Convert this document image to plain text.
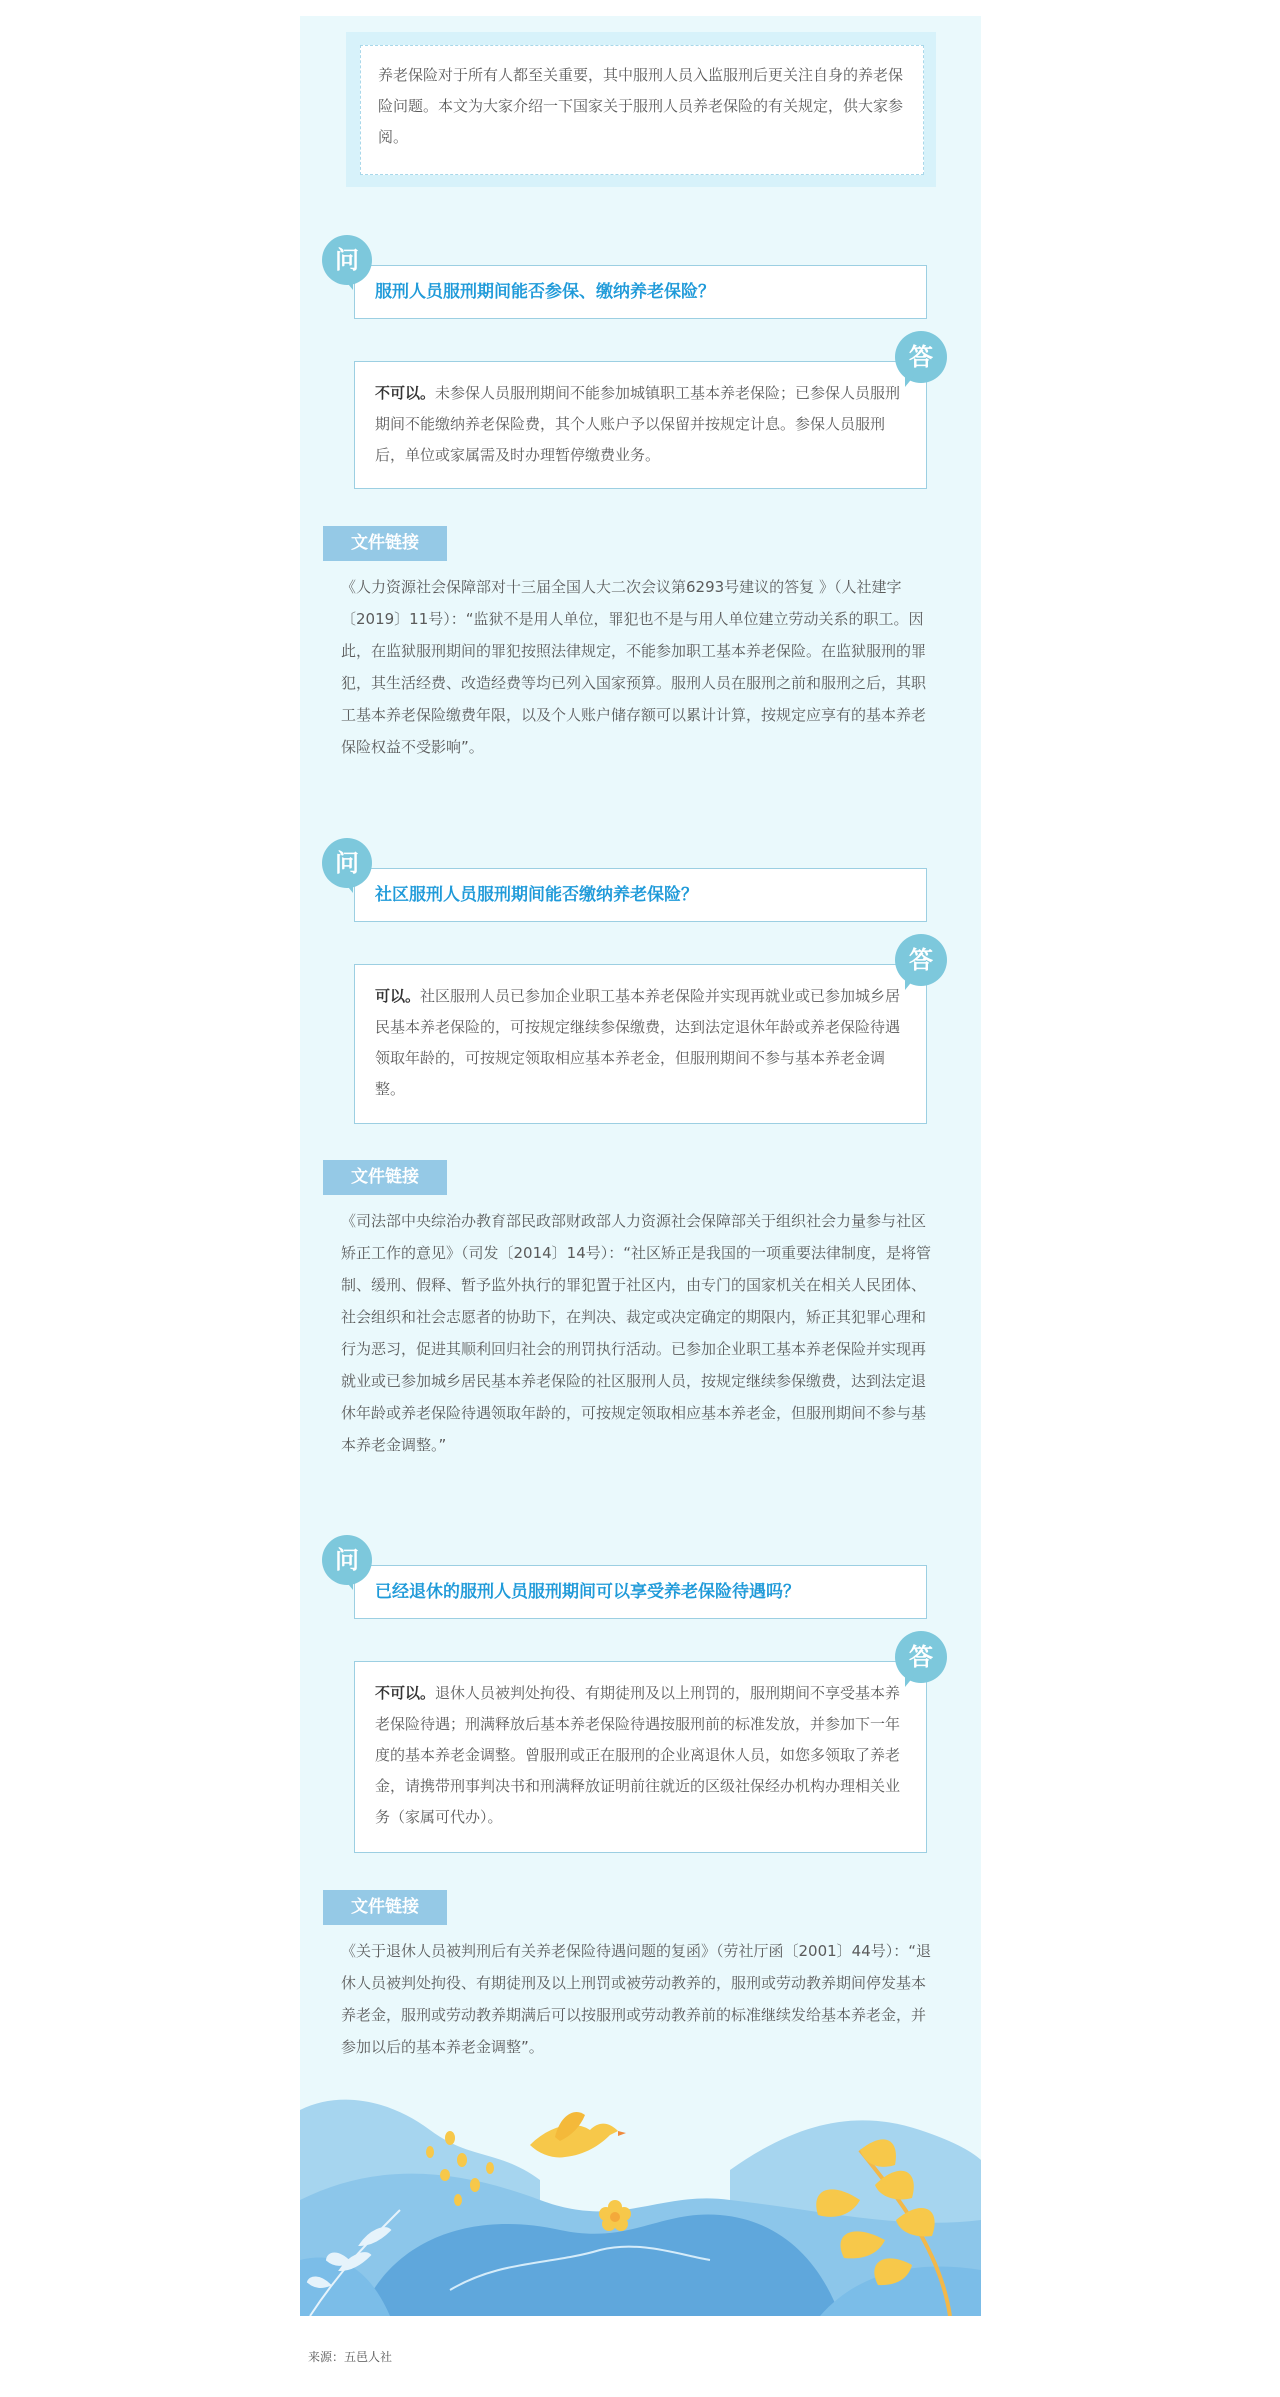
养老保险对于所有人都至关重要，其中服刑人员入监服刑后更关注自身的养老保险问题。本文为大家介绍一下国家关于服刑人员养老保险的有关规定，供大家参阅。
服刑人员服刑期间能否参保、缴纳养老保险？
问
不可以。未参保人员服刑期间不能参加城镇职工基本养老保险；已参保人员服刑期间不能缴纳养老保险费，其个人账户予以保留并按规定计息。参保人员服刑后，单位或家属需及时办理暂停缴费业务。
答
文件链接
《人力资源社会保障部对十三届全国人大二次会议第6293号建议的答复 》（人社建字〔2019〕11号）：“监狱不是用人单位，罪犯也不是与用人单位建立劳动关系的职工。因此，在监狱服刑期间的罪犯按照法律规定，不能参加职工基本养老保险。在监狱服刑的罪犯，其生活经费、改造经费等均已列入国家预算。服刑人员在服刑之前和服刑之后，其职工基本养老保险缴费年限，以及个人账户储存额可以累计计算，按规定应享有的基本养老保险权益不受影响”。
社区服刑人员服刑期间能否缴纳养老保险？
问
可以。社区服刑人员已参加企业职工基本养老保险并实现再就业或已参加城乡居民基本养老保险的，可按规定继续参保缴费，达到法定退休年龄或养老保险待遇领取年龄的，可按规定领取相应基本养老金，但服刑期间不参与基本养老金调整。
答
文件链接
《司法部中央综治办教育部民政部财政部人力资源社会保障部关于组织社会力量参与社区矫正工作的意见》（司发〔2014〕14号）：“社区矫正是我国的一项重要法律制度，是将管制、缓刑、假释、暂予监外执行的罪犯置于社区内，由专门的国家机关在相关人民团体、社会组织和社会志愿者的协助下，在判决、裁定或决定确定的期限内，矫正其犯罪心理和行为恶习，促进其顺利回归社会的刑罚执行活动。已参加企业职工基本养老保险并实现再就业或已参加城乡居民基本养老保险的社区服刑人员，按规定继续参保缴费，达到法定退休年龄或养老保险待遇领取年龄的，可按规定领取相应基本养老金，但服刑期间不参与基本养老金调整。”
已经退休的服刑人员服刑期间可以享受养老保险待遇吗？
问
不可以。退休人员被判处拘役、有期徒刑及以上刑罚的，服刑期间不享受基本养老保险待遇；刑满释放后基本养老保险待遇按服刑前的标准发放，并参加下一年度的基本养老金调整。曾服刑或正在服刑的企业离退休人员，如您多领取了养老金，请携带刑事判决书和刑满释放证明前往就近的区级社保经办机构办理相关业务（家属可代办）。
答
文件链接
《关于退休人员被判刑后有关养老保险待遇问题的复函》（劳社厅函〔2001〕44号）：“退休人员被判处拘役、有期徒刑及以上刑罚或被劳动教养的，服刑或劳动教养期间停发基本养老金，服刑或劳动教养期满后可以按服刑或劳动教养前的标准继续发给基本养老金，并参加以后的基本养老金调整”。
来源：五邑人社
